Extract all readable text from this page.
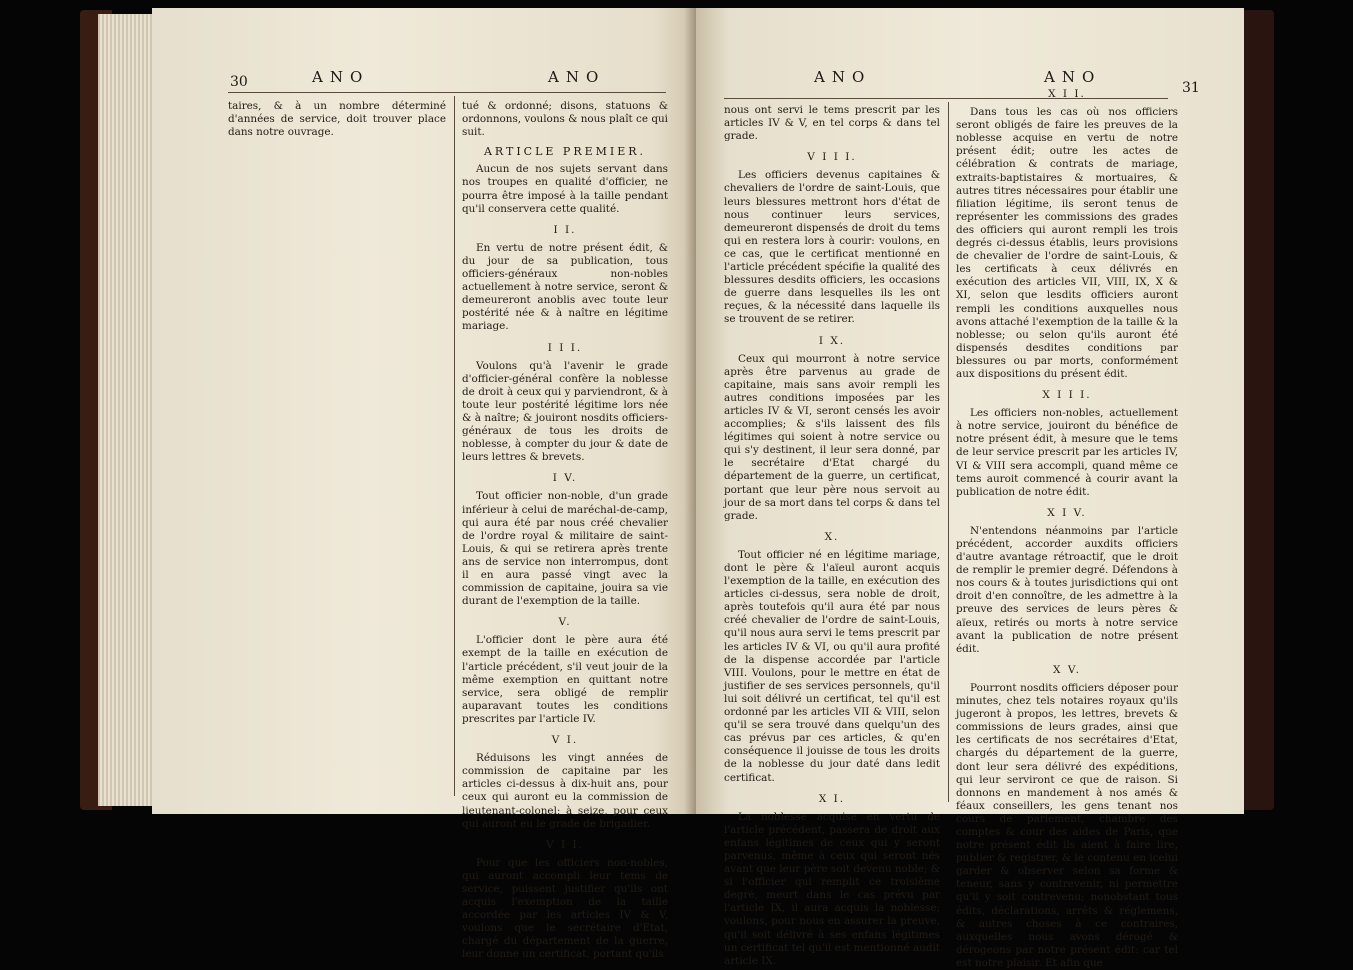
30	ANO	ANO

taires, & à un nombre déterminé d'années de service, doit trouver place dans notre ouvrage.

tué & ordonné; disons, statuons & ordonnons, voulons & nous plaît ce qui suit.

ARTICLE PREMIER.

Aucun de nos sujets servant dans nos troupes en qualité d'officier, ne pourra être imposé à la taille pendant qu'il conservera cette qualité.

I I.

En vertu de notre présent édit, & du jour de sa publication, tous officiers-généraux non-nobles actuellement à notre service, seront & demeureront anoblis avec toute leur postérité née & à naître en légitime mariage.

I I I.

Voulons qu'à l'avenir le grade d'officier-général confère la noblesse de droit à ceux qui y parviendront, & à toute leur postérité légitime lors née & à naître; & jouiront nosdits officiers-généraux de tous les droits de noblesse, à compter du jour & date de leurs lettres & brevets.

I V.

Tout officier non-noble, d'un grade inférieur à celui de maréchal-de-camp, qui aura été par nous créé chevalier de l'ordre royal & militaire de saint-Louis, & qui se retirera après trente ans de service non interrompus, dont il en aura passé vingt avec la commission de capitaine, jouira sa vie durant de l'exemption de la taille.

V.

L'officier dont le père aura été exempt de la taille en exécution de l'article précédent, s'il veut jouir de la même exemption en quittant notre service, sera obligé de remplir auparavant toutes les conditions prescrites par l'article IV.

V I.

Réduisons les vingt années de commission de capitaine par les articles ci-dessus à dix-huit ans, pour ceux qui auront eu la commission de lieutenant-colonel; à seize, pour ceux qui auront eu le grade de brigadier.

V I I.

Pour que les officiers non-nobles, qui auront accompli leur tems de service, puissent justifier qu'ils ont acquis l'exemption de la taille accordée par les articles IV & V, voulons que le secrétaire d'Etat, chargé du département de la guerre, leur donne un certificat, portant qu'ils

ANO	ANO
31

nous ont servi le tems prescrit par les articles IV & V, en tel corps & dans tel grade.

V I I I.

Les officiers devenus capitaines & chevaliers de l'ordre de saint-Louis, que leurs blessures mettront hors d'état de nous continuer leurs services, demeureront dispensés de droit du tems qui en restera lors à courir: voulons, en ce cas, que le certificat mentionné en l'article précédent spécifie la qualité des blessures desdits officiers, les occasions de guerre dans lesquelles ils les ont reçues, & la nécessité dans laquelle ils se trouvent de se retirer.

I X.

Ceux qui mourront à notre service après être parvenus au grade de capitaine, mais sans avoir rempli les autres conditions imposées par les articles IV & VI, seront censés les avoir accomplies; & s'ils laissent des fils légitimes qui soient à notre service ou qui s'y destinent, il leur sera donné, par le secrétaire d'Etat chargé du département de la guerre, un certificat, portant que leur père nous servoit au jour de sa mort dans tel corps & dans tel grade.

X.

Tout officier né en légitime mariage, dont le père & l'aïeul auront acquis l'exemption de la taille, en exécution des articles ci-dessus, sera noble de droit, après toutefois qu'il aura été par nous créé chevalier de l'ordre de saint-Louis, qu'il nous aura servi le tems prescrit par les articles IV & VI, ou qu'il aura profité de la dispense accordée par l'article VIII. Voulons, pour le mettre en état de justifier de ses services personnels, qu'il lui soit délivré un certificat, tel qu'il est ordonné par les articles VII & VIII, selon qu'il se sera trouvé dans quelqu'un des cas prévus par ces articles, & qu'en conséquence il jouisse de tous les droits de la noblesse du jour daté dans ledit certificat.

X I.

La noblesse acquise en vertu de l'article précédent, passera de droit aux enfans légitimes de ceux qui y seront parvenus, même à ceux qui seront nés avant que leur père soit devenu noble; & si l'officier qui remplit ce troisième degré, meurt dans le cas prévu par l'article IX, il aura acquis la noblesse; voulons, pour nous en assurer la preuve, qu'il soit délivré à ses enfans légitimes un certificat tel qu'il est mentionné audit article IX.

X I I.

Dans tous les cas où nos officiers seront obligés de faire les preuves de la noblesse acquise en vertu de notre présent édit; outre les actes de célébration & contrats de mariage, extraits-baptistaires & mortuaires, & autres titres nécessaires pour établir une filiation légitime, ils seront tenus de représenter les commissions des grades des officiers qui auront rempli les trois degrés ci-dessus établis, leurs provisions de chevalier de l'ordre de saint-Louis, & les certificats à ceux délivrés en exécution des articles VII, VIII, IX, X & XI, selon que lesdits officiers auront rempli les conditions auxquelles nous avons attaché l'exemption de la taille & la noblesse; ou selon qu'ils auront été dispensés desdites conditions par blessures ou par morts, conformément aux dispositions du présent édit.

X I I I.

Les officiers non-nobles, actuellement à notre service, jouiront du bénéfice de notre présent édit, à mesure que le tems de leur service prescrit par les articles IV, VI & VIII sera accompli, quand même ce tems auroit commencé à courir avant la publication de notre édit.

X I V.

N'entendons néanmoins par l'article précédent, accorder auxdits officiers d'autre avantage rétroactif, que le droit de remplir le premier degré. Défendons à nos cours & à toutes jurisdictions qui ont droit d'en connoître, de les admettre à la preuve des services de leurs pères & aïeux, retirés ou morts à notre service avant la publication de notre présent édit.

X V.

Pourront nosdits officiers déposer pour minutes, chez tels notaires royaux qu'ils jugeront à propos, les lettres, brevets & commissions de leurs grades, ainsi que les certificats de nos secrétaires d'Etat, chargés du département de la guerre, dont leur sera délivré des expéditions, qui leur serviront ce que de raison. Si donnons en mandement à nos amés & féaux conseillers, les gens tenant nos cours de parlement, chambre des comptes & cour des aides de Paris, que notre présent édit ils aient à faire lire, publier & registrer, & le contenu en icelui garder & observer selon sa forme & teneur, sans y contrevenir, ni permettre qu'il y soit contrevenu; nonobstant tous édits, déclarations, arrêts & réglemens, & autres choses à ce contraires, auxquelles nous avons dérogé & dérogeons par notre présent édit: car tel est notre plaisir. Et afin que
